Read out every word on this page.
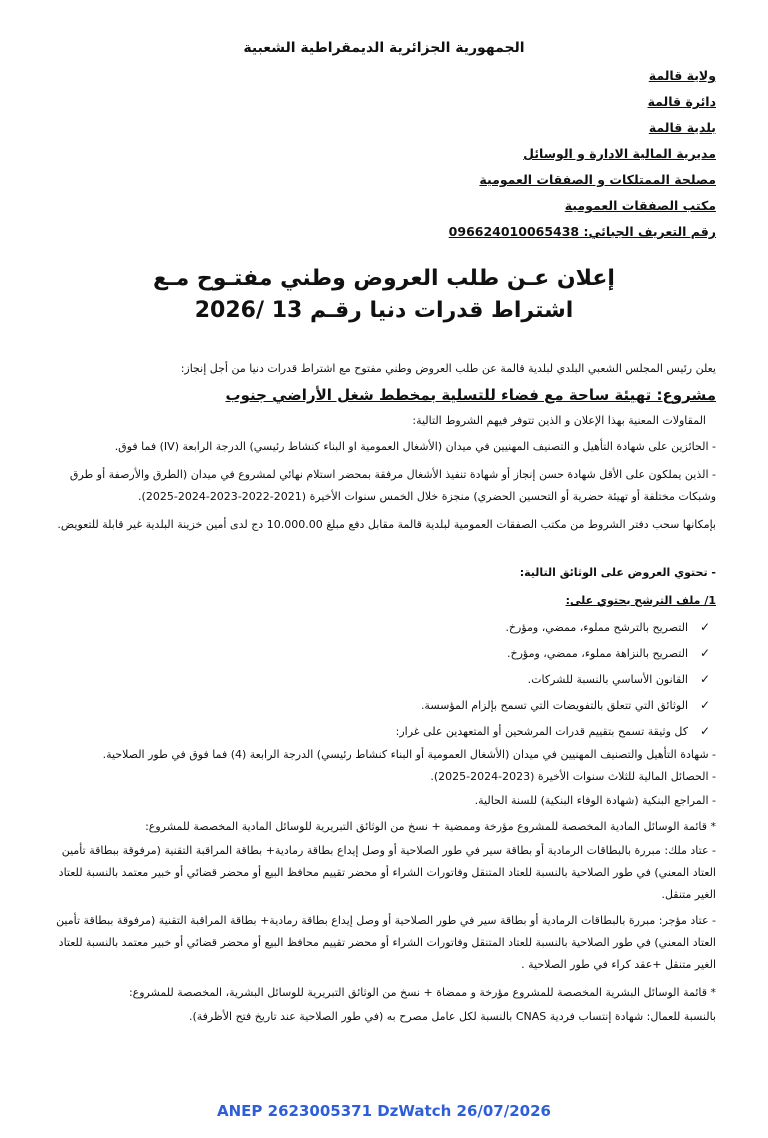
الجمهورية الجزائرية الديمقراطية الشعبية
ولاية قالمة
دائرة قالمة
بلدية قالمة
مديرية المالية الادارة و الوسائل
مصلحة الممتلكات و الصفقات العمومية
مكتب الصفقات العمومية
رقم التعريف الجبائي: 096624010065438
إعلان عـن طلب العروض وطني مفتـوح مـع
اشتراط قدرات دنيا رقـم 13 /2026
يعلن رئيس المجلس الشعبي البلدي لبلدية قالمة عن طلب العروض وطني مفتوح مع اشتراط قدرات دنيا من أجل إنجاز:
مشروع: تهيئة ساحة مع فضاء للتسلية بمخطط شغل الأراضي جنوب
المقاولات المعنية بهذا الإعلان و الذين تتوفر فيهم الشروط التالية:
- الحائزين على شهادة التأهيل و التصنيف المهنيين في ميدان (الأشغال العمومية او البناء كنشاط رئيسي) الدرجة الرابعة (IV) فما فوق.
- الذين يملكون على الأقل شهادة حسن إنجاز أو شهادة تنفيذ الأشغال مرفقة بمحضر استلام نهائي لمشروع في ميدان (الطرق والأرصفة أو طرق وشبكات مختلفة أو تهيئة حضرية أو التحسين الحضري) منجزة خلال الخمس سنوات الأخيرة (2021-2022-2023-2024-2025).
بإمكانها سحب دفتر الشروط من مكتب الصفقات العمومية لبلدية قالمة مقابل دفع مبلغ 10.000.00 دج لدى أمين خزينة البلدية غير قابلة للتعويض.
- تحتوي العروض على الوثائق التالية:
1/ ملف الترشح يحتوي على:
✓التصريح بالترشح مملوء، ممضي، ومؤرخ.
✓التصريح بالنزاهة مملوء، ممضي، ومؤرخ.
✓القانون الأساسي بالنسبة للشركات.
✓الوثائق التي تتعلق بالتفويضات التي تسمح بإلزام المؤسسة.
✓كل وثيقة تسمح بتقييم قدرات المرشحين أو المتعهدين على غرار:
- شهادة التأهيل والتصنيف المهنيين في ميدان (الأشغال العمومية أو البناء كنشاط رئيسي) الدرجة الرابعة (4) فما فوق في طور الصلاحية.
- الحصائل المالية للثلاث سنوات الأخيرة (2023-2024-2025).
- المراجع البنكية (شهادة الوفاء البنكية) للسنة الحالية.
* قائمة الوسائل المادية المخصصة للمشروع مؤرخة وممضية + نسخ من الوثائق التبريرية للوسائل المادية المخصصة للمشروع:
- عتاد ملك: مبررة بالبطاقات الرمادية أو بطاقة سير في طور الصلاحية أو وصل إيداع بطاقة رمادية+ بطاقة المراقبة التقنية (مرفوقة ببطاقة تأمين العتاد المعني) في طور الصلاحية بالنسبة للعتاد المتنقل وفاتورات الشراء أو محضر تقييم محافظ البيع أو محضر قضائي أو خبير معتمد بالنسبة للعتاد الغير متنقل.
- عتاد مؤجر: مبررة بالبطاقات الرمادية أو بطاقة سير في طور الصلاحية أو وصل إيداع بطاقة رمادية+ بطاقة المراقبة التقنية (مرفوقة ببطاقة تأمين العتاد المعني) في طور الصلاحية بالنسبة للعتاد المتنقل وفاتورات الشراء أو محضر تقييم محافظ البيع أو محضر قضائي أو خبير معتمد بالنسبة للعتاد الغير متنقل +عقد كراء في طور الصلاحية .
* قائمة الوسائل البشرية المخصصة للمشروع مؤرخة و ممضاة + نسخ من الوثائق التبريرية للوسائل البشرية، المخصصة للمشروع:
بالنسبة للعمال: شهادة إنتساب فردية CNAS بالنسبة لكل عامل مصرح به (في طور الصلاحية عند تاريخ فتح الأظرفة).
ANEP 2623005371 DzWatch 26/07/2026
